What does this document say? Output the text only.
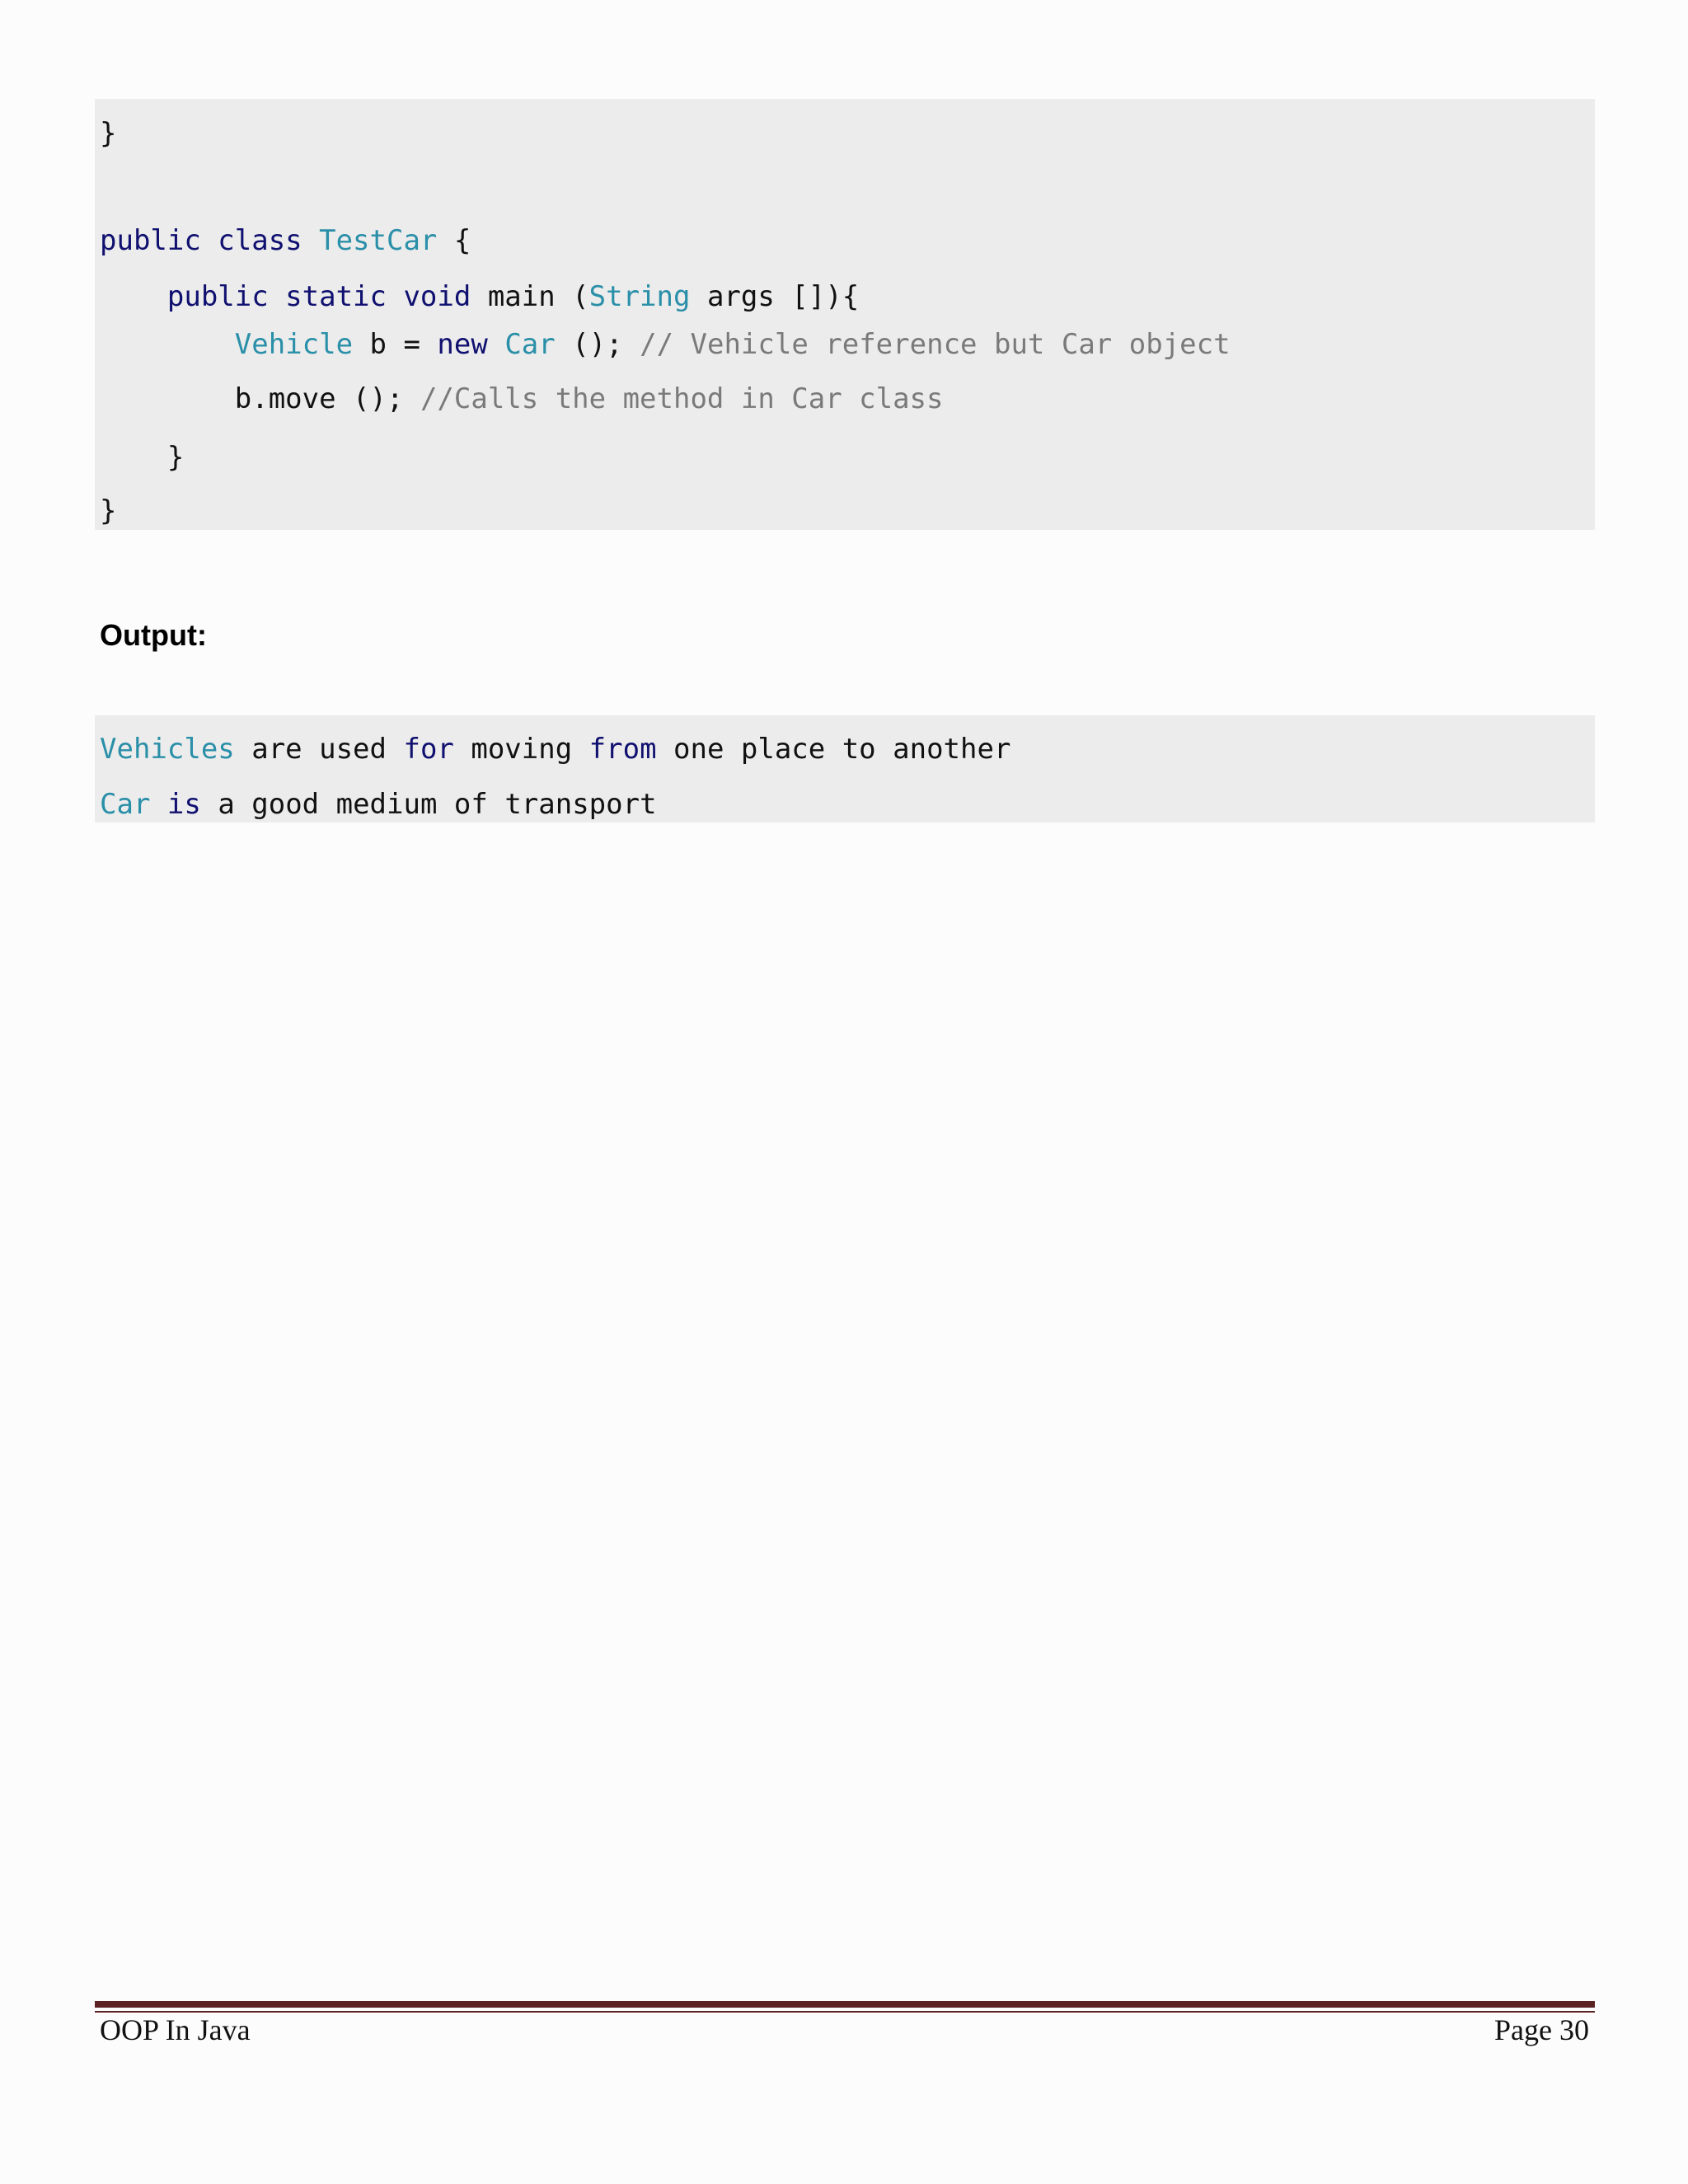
}
public class TestCar {
public static void main (String args []){
Vehicle b = new Car (); // Vehicle reference but Car object
b.move (); //Calls the method in Car class
}
}
Output:
Vehicles are used for moving from one place to another
Car is a good medium of transport
OOP In Java	Page 30
